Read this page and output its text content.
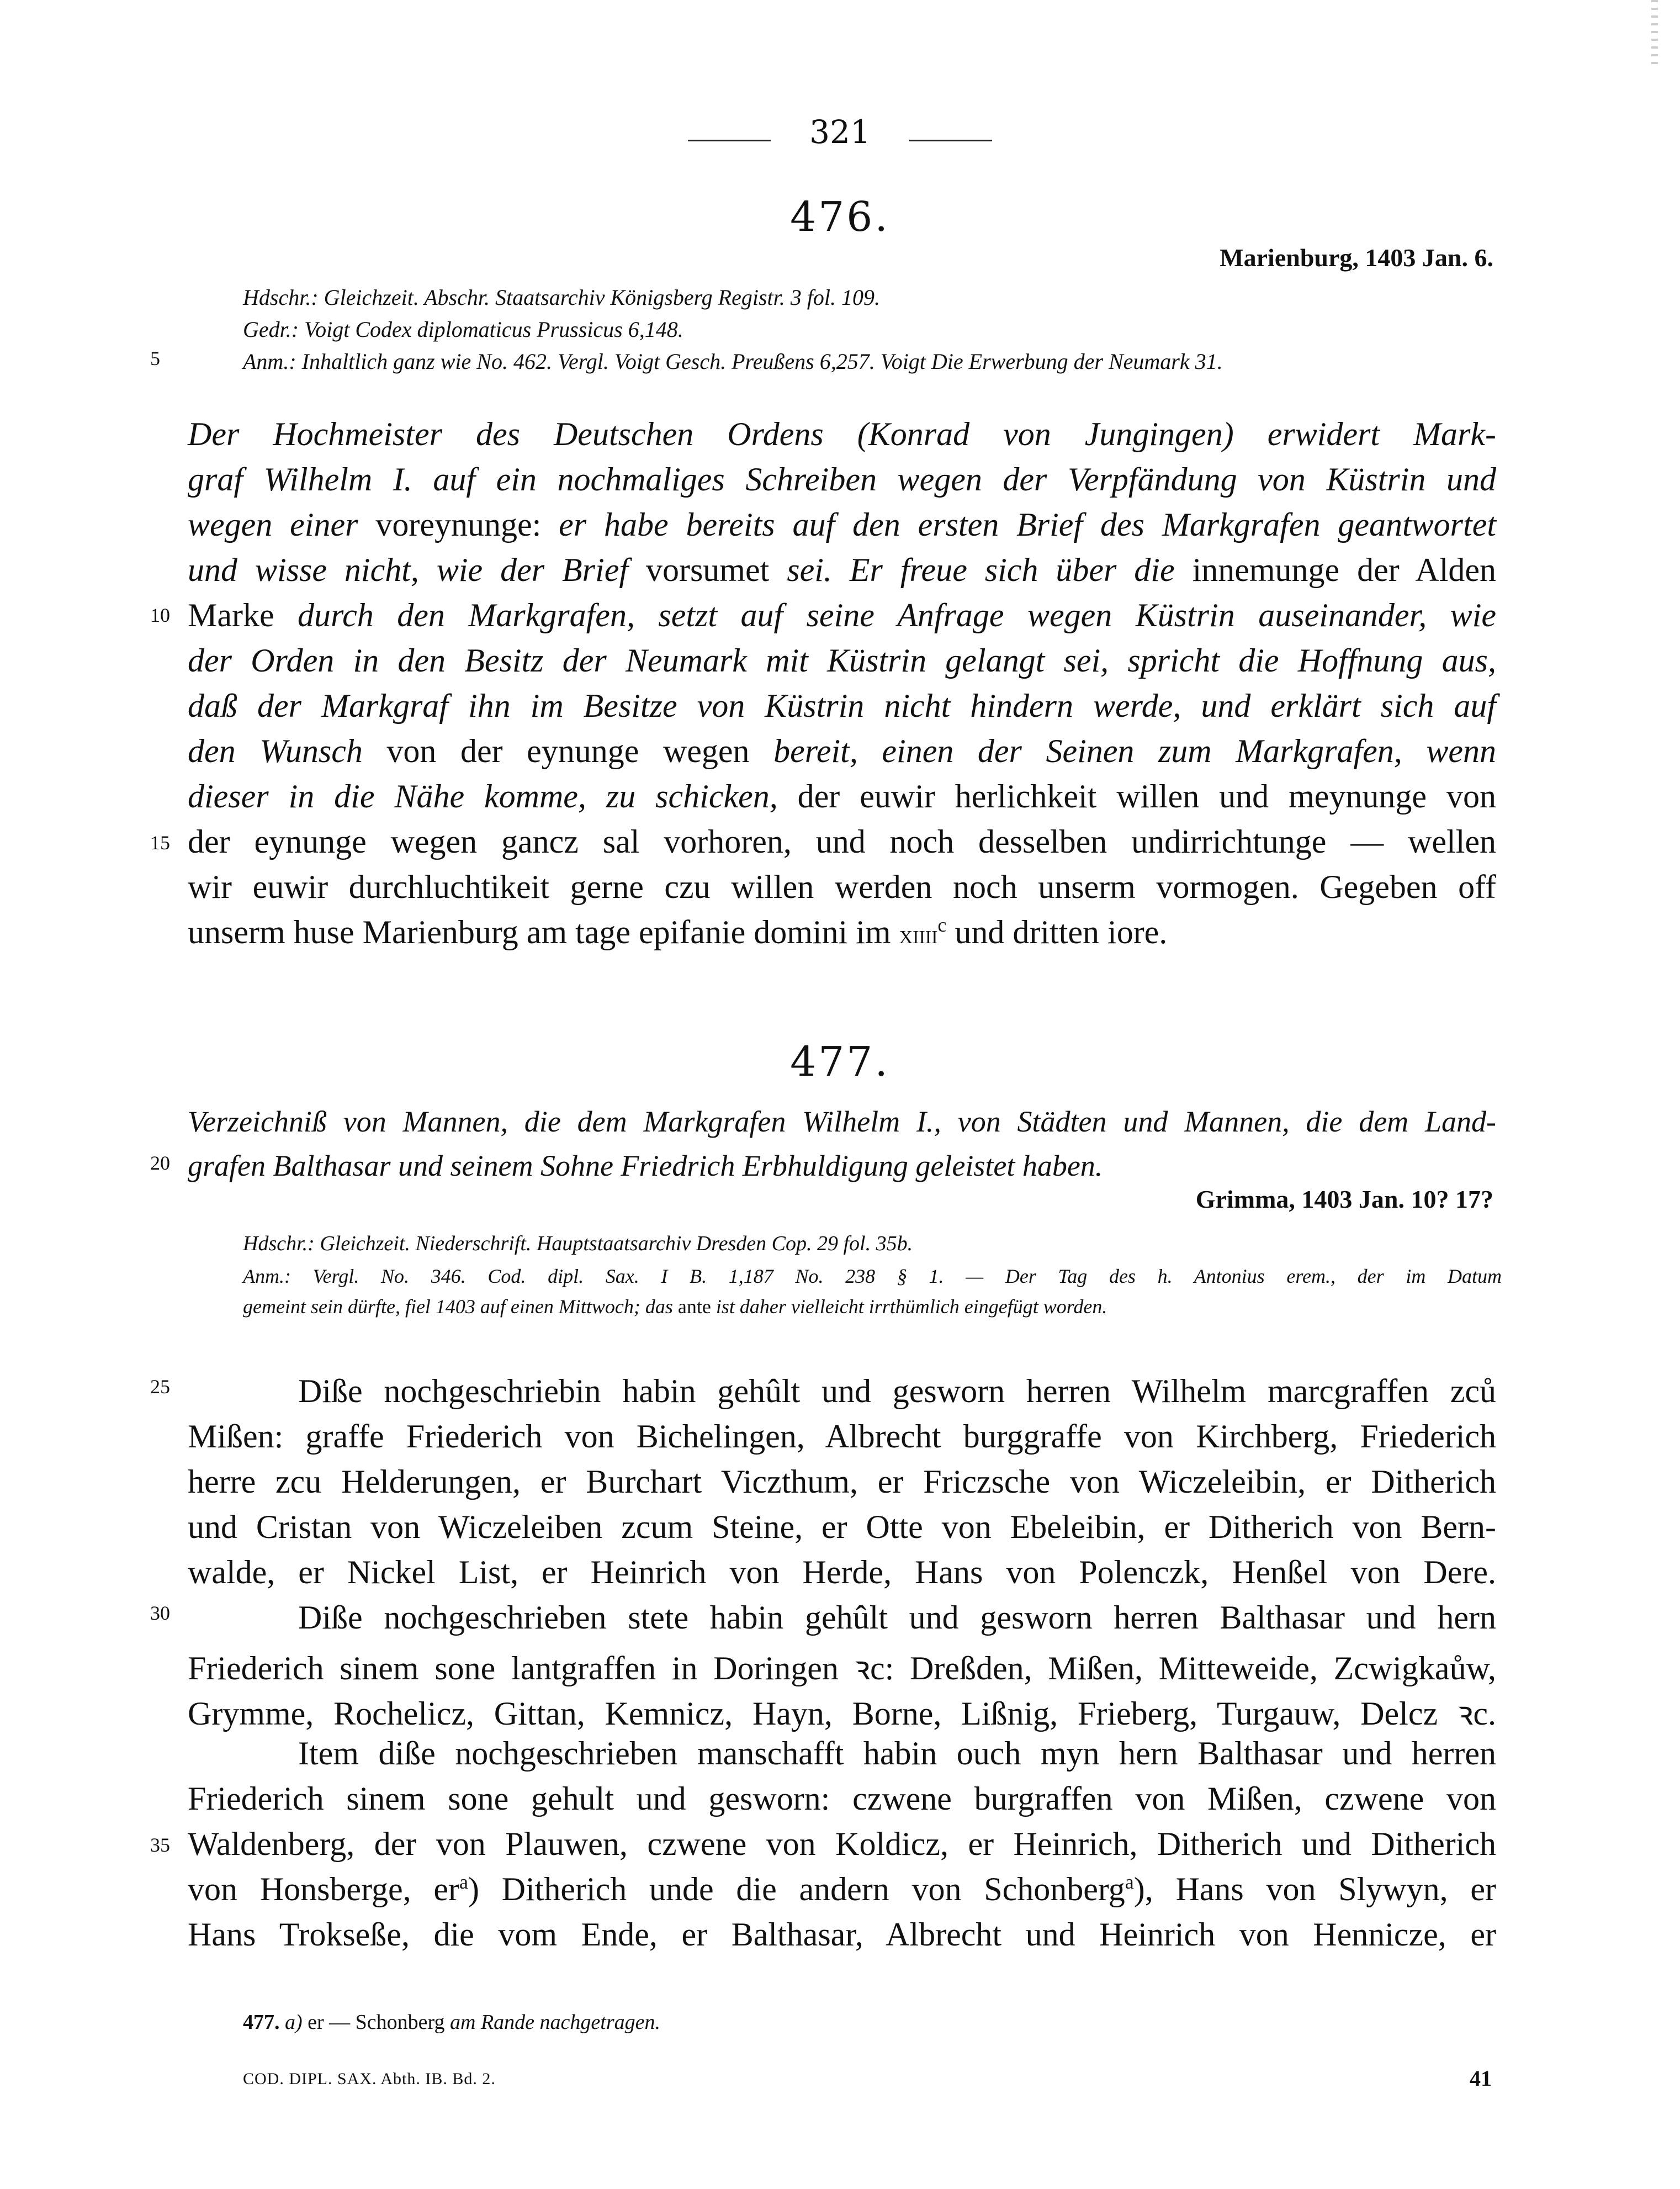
321
476.
Marienburg, 1403 Jan. 6.
Hdschr.: Gleichzeit. Abschr. Staatsarchiv Königsberg Registr. 3 fol. 109.
Gedr.: Voigt Codex diplomaticus Prussicus 6,148.
Anm.: Inhaltlich ganz wie No. 462. Vergl. Voigt Gesch. Preußens 6,257. Voigt Die Erwerbung der Neumark 31.
Der Hochmeister des Deutschen Ordens (Konrad von Jungingen) erwidert Mark-
graf Wilhelm I. auf ein nochmaliges Schreiben wegen der Verpfändung von Küstrin und
wegen einer voreynunge: er habe bereits auf den ersten Brief des Markgrafen geantwortet
und wisse nicht, wie der Brief vorsumet sei. Er freue sich über die innemunge der Alden
Marke durch den Markgrafen, setzt auf seine Anfrage wegen Küstrin auseinander, wie
der Orden in den Besitz der Neumark mit Küstrin gelangt sei, spricht die Hoffnung aus,
daß der Markgraf ihn im Besitze von Küstrin nicht hindern werde, und erklärt sich auf
den Wunsch von der eynunge wegen bereit, einen der Seinen zum Markgrafen, wenn
dieser in die Nähe komme, zu schicken, der euwir herlichkeit willen und meynunge von
der eynunge wegen gancz sal vorhoren, und noch desselben undirrichtunge — wellen
wir euwir durchluchtikeit gerne czu willen werden noch unserm vormogen. Gegeben off
unserm huse Marienburg am tage epifanie domini im xiiii$^c$ und dritten iore.
477.
Verzeichniß von Mannen, die dem Markgrafen Wilhelm I., von Städten und Mannen, die dem Land-
grafen Balthasar und seinem Sohne Friedrich Erbhuldigung geleistet haben.
Grimma, 1403 Jan. 10? 17?
Hdschr.: Gleichzeit. Niederschrift. Hauptstaatsarchiv Dresden Cop. 29 fol. 35b.
Anm.: Vergl. No. 346. Cod. dipl. Sax. I B. 1,187 No. 238 § 1. — Der Tag des h. Antonius erem., der im Datum
gemeint sein dürfte, fiel 1403 auf einen Mittwoch; das ante ist daher vielleicht irrthümlich eingefügt worden.
Diße nochgeschriebin habin gehûlt und gesworn herren Wilhelm marcgraffen zců
Mißen: graffe Friederich von Bichelingen, Albrecht burggraffe von Kirchberg, Friederich
herre zcu Helderungen, er Burchart Viczthum, er Friczsche von Wiczeleibin, er Ditherich
und Cristan von Wiczeleiben zcum Steine, er Otte von Ebeleibin, er Ditherich von Bern-
walde, er Nickel List, er Heinrich von Herde, Hans von Polenczk, Henßel von Dere.
Diße nochgeschrieben stete habin gehûlt und gesworn herren Balthasar und hern
Friederich sinem sone lantgraffen in Doringen ꝛc: Dreßden, Mißen, Mitteweide, Zcwigkaůw,
Grymme, Rochelicz, Gittan, Kemnicz, Hayn, Borne, Lißnig, Frieberg, Turgauw, Delcz ꝛc.
Item diße nochgeschrieben manschafft habin ouch myn hern Balthasar und herren
Friederich sinem sone gehult und gesworn: czwene burgraffen von Mißen, czwene von
Waldenberg, der von Plauwen, czwene von Koldicz, er Heinrich, Ditherich und Ditherich
von Honsberge, $er^a$) Ditherich unde die andern von Schonberg$^a$), Hans von Slywyn, er
Hans Trokseße, die vom Ende, er Balthasar, Albrecht und Heinrich von Hennicze, er
5
10
15
20
25
30
35
477. a) er — Schonberg am Rande nachgetragen.
COD. DIPL. SAX. Abth. IB. Bd. 2.	41
